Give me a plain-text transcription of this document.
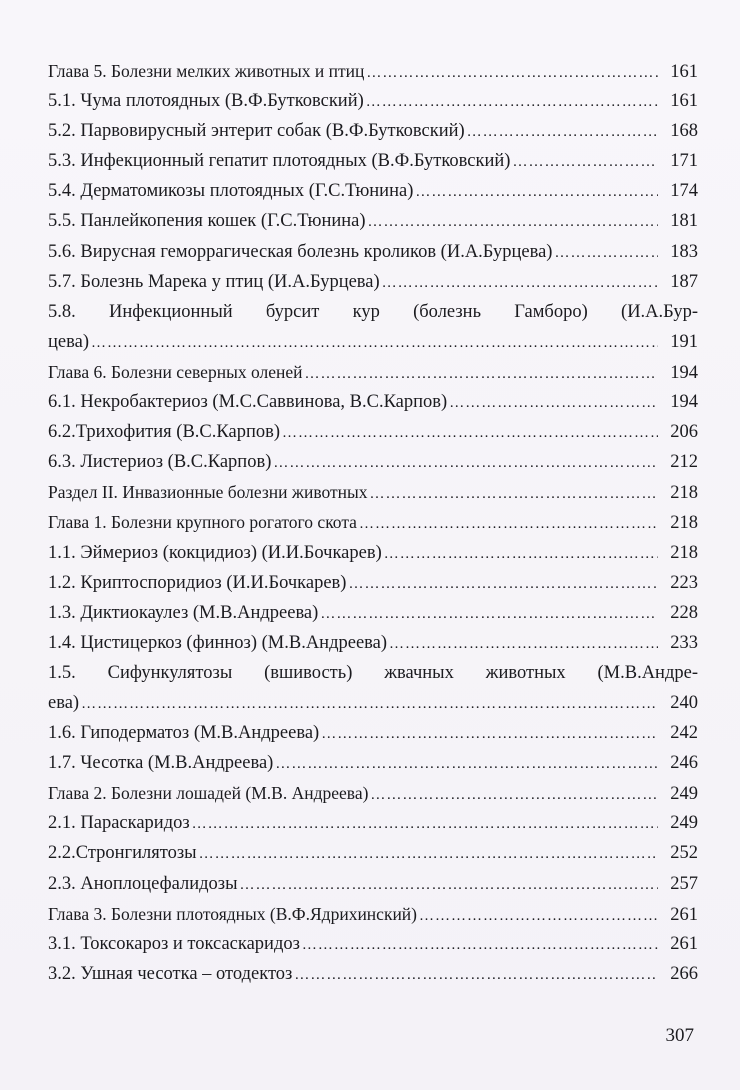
Глава 5. Болезни мелких животных и птиц …………………………………………………………………………………………………………………………………………………………………………	161
5.1. Чума плотоядных (В.Ф.Бутковский) …………………………………………………………………………………………………………………………………………………………………………	161
5.2. Парвовирусный энтерит собак (В.Ф.Бутковский) …………………………………………………………………………………………………………………………………………………………………………	168
5.3. Инфекционный гепатит плотоядных (В.Ф.Бутковский) …………………………………………………………………………………………………………………………………………………………………………	171
5.4. Дерматомикозы плотоядных (Г.С.Тюнина) …………………………………………………………………………………………………………………………………………………………………………	174
5.5. Панлейкопения кошек (Г.С.Тюнина) …………………………………………………………………………………………………………………………………………………………………………	181
5.6. Вирусная геморрагическая болезнь кроликов (И.А.Бурцева) …………………………………………………………………………………………………………………………………………………………………………	183
5.7. Болезнь Марека у птиц (И.А.Бурцева) …………………………………………………………………………………………………………………………………………………………………………	187
5.8. Инфекционный бурсит кур (болезнь Гамборо) (И.А.Бур-
цева) …………………………………………………………………………………………………………………………………………………………………………	191
Глава 6. Болезни северных оленей …………………………………………………………………………………………………………………………………………………………………………	194
6.1. Некробактериоз (М.С.Саввинова, В.С.Карпов) …………………………………………………………………………………………………………………………………………………………………………	194
6.2.Трихофития (В.С.Карпов) …………………………………………………………………………………………………………………………………………………………………………	206
6.3. Листериоз (В.С.Карпов) …………………………………………………………………………………………………………………………………………………………………………	212
Раздел II. Инвазионные болезни животных …………………………………………………………………………………………………………………………………………………………………………	218
Глава 1. Болезни крупного рогатого скота …………………………………………………………………………………………………………………………………………………………………………	218
1.1. Эймериоз (кокцидиоз) (И.И.Бочкарев) …………………………………………………………………………………………………………………………………………………………………………	218
1.2. Криптоспоридиоз (И.И.Бочкарев) …………………………………………………………………………………………………………………………………………………………………………	223
1.3. Диктиокаулез (М.В.Андреева) …………………………………………………………………………………………………………………………………………………………………………	228
1.4. Цистицеркоз (финноз) (М.В.Андреева) …………………………………………………………………………………………………………………………………………………………………………	233
1.5. Сифункулятозы (вшивость) жвачных животных (М.В.Андре-
ева) …………………………………………………………………………………………………………………………………………………………………………	240
1.6. Гиподерматоз (М.В.Андреева) …………………………………………………………………………………………………………………………………………………………………………	242
1.7. Чесотка (М.В.Андреева) …………………………………………………………………………………………………………………………………………………………………………	246
Глава 2. Болезни лошадей (М.В. Андреева) …………………………………………………………………………………………………………………………………………………………………………	249
2.1. Параскаридоз …………………………………………………………………………………………………………………………………………………………………………	249
2.2.Стронгилятозы …………………………………………………………………………………………………………………………………………………………………………	252
2.3. Аноплоцефалидозы …………………………………………………………………………………………………………………………………………………………………………	257
Глава 3. Болезни плотоядных (В.Ф.Ядрихинский) …………………………………………………………………………………………………………………………………………………………………………	261
3.1. Токсокароз и токсаскаридоз …………………………………………………………………………………………………………………………………………………………………………	261
3.2. Ушная чесотка – отодектоз …………………………………………………………………………………………………………………………………………………………………………	266
307
